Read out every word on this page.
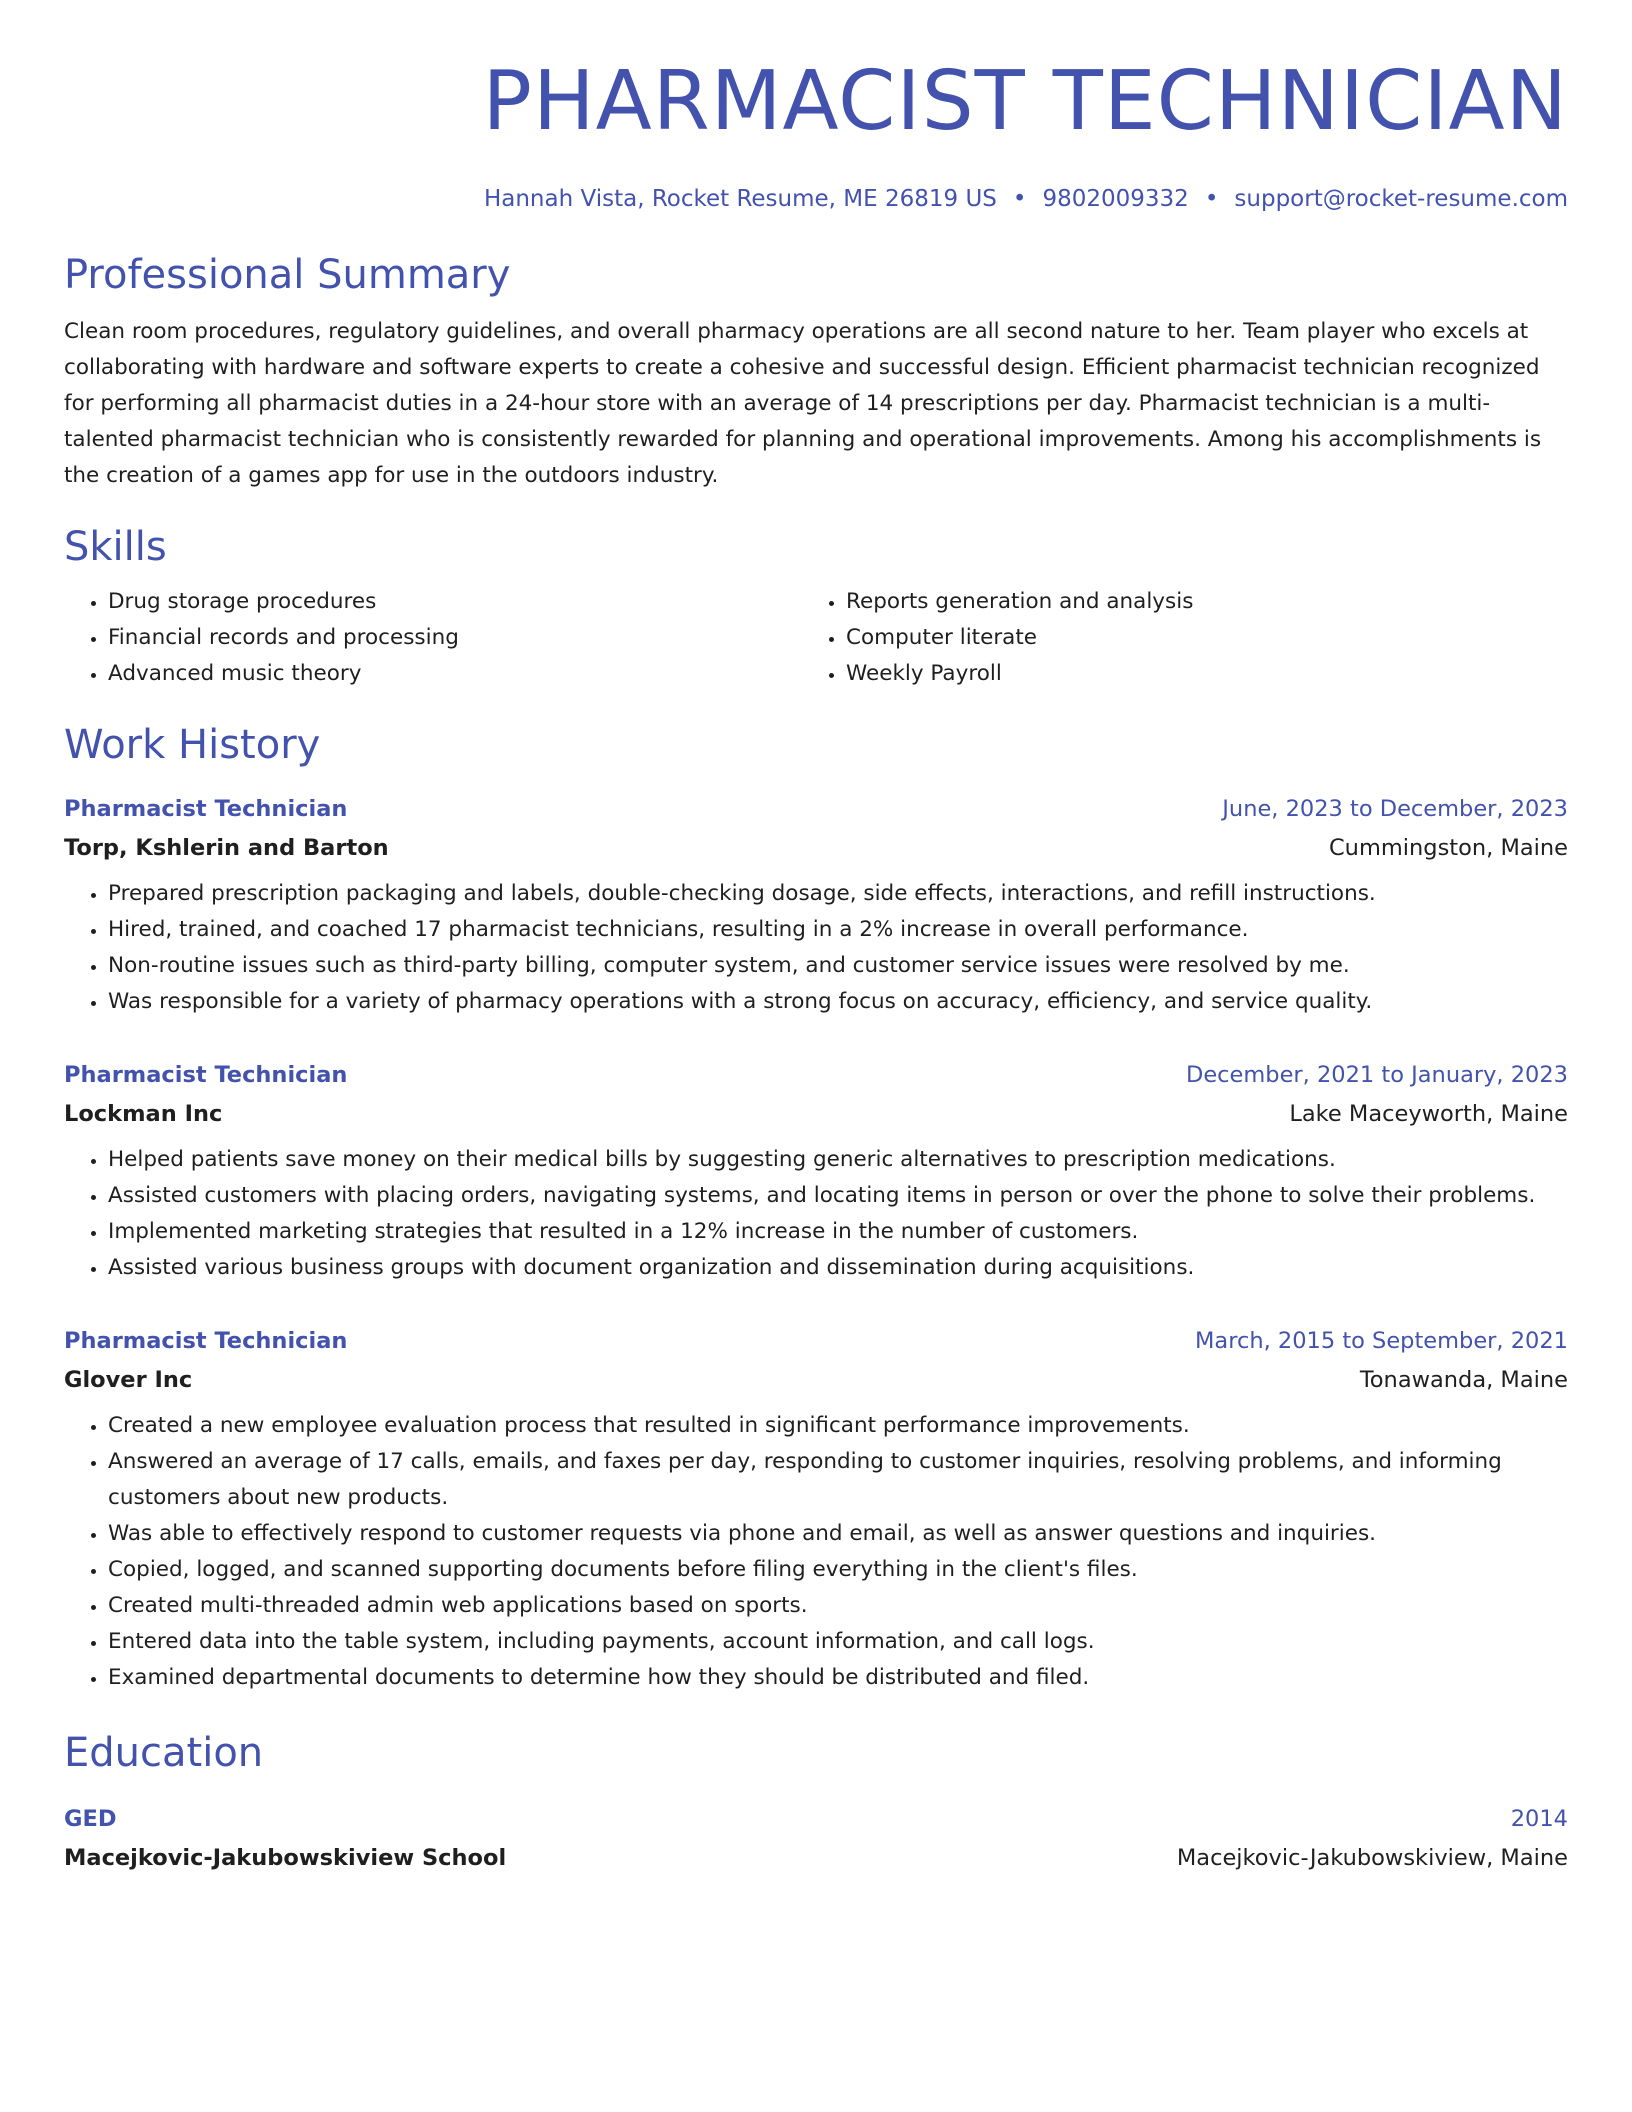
PHARMACIST TECHNICIAN
Hannah Vista, Rocket Resume, ME 26819 US • 9802009332 • support@rocket-resume.com
Professional Summary

Clean room procedures, regulatory guidelines, and overall pharmacy operations are all second nature to her. Team player who excels at collaborating with hardware and software experts to create a cohesive and successful design. Efficient pharmacist technician recognized for performing all pharmacist duties in a 24-hour store with an average of 14 prescriptions per day. Pharmacist technician is a multi-talented pharmacist technician who is consistently rewarded for planning and operational improvements. Among his accomplishments is the creation of a games app for use in the outdoors industry.

Skills
• Drug storage procedures
• Financial records and processing
• Advanced music theory
• Reports generation and analysis
• Computer literate
• Weekly Payroll
Work History
Pharmacist Technician	June, 2023 to December, 2023
Torp, Kshlerin and Barton	Cummingston, Maine
• Prepared prescription packaging and labels, double-checking dosage, side effects, interactions, and refill instructions.
• Hired, trained, and coached 17 pharmacist technicians, resulting in a 2% increase in overall performance.
• Non-routine issues such as third-party billing, computer system, and customer service issues were resolved by me.
• Was responsible for a variety of pharmacy operations with a strong focus on accuracy, efficiency, and service quality.
Pharmacist Technician	December, 2021 to January, 2023
Lockman Inc	Lake Maceyworth, Maine
• Helped patients save money on their medical bills by suggesting generic alternatives to prescription medications.
• Assisted customers with placing orders, navigating systems, and locating items in person or over the phone to solve their problems.
• Implemented marketing strategies that resulted in a 12% increase in the number of customers.
• Assisted various business groups with document organization and dissemination during acquisitions.
Pharmacist Technician	March, 2015 to September, 2021
Glover Inc	Tonawanda, Maine
• Created a new employee evaluation process that resulted in significant performance improvements.
• Answered an average of 17 calls, emails, and faxes per day, responding to customer inquiries, resolving problems, and informing customers about new products.
• Was able to effectively respond to customer requests via phone and email, as well as answer questions and inquiries.
• Copied, logged, and scanned supporting documents before filing everything in the client's files.
• Created multi-threaded admin web applications based on sports.
• Entered data into the table system, including payments, account information, and call logs.
• Examined departmental documents to determine how they should be distributed and filed.
Education
GED	2014
Macejkovic-Jakubowskiview School	Macejkovic-Jakubowskiview, Maine
